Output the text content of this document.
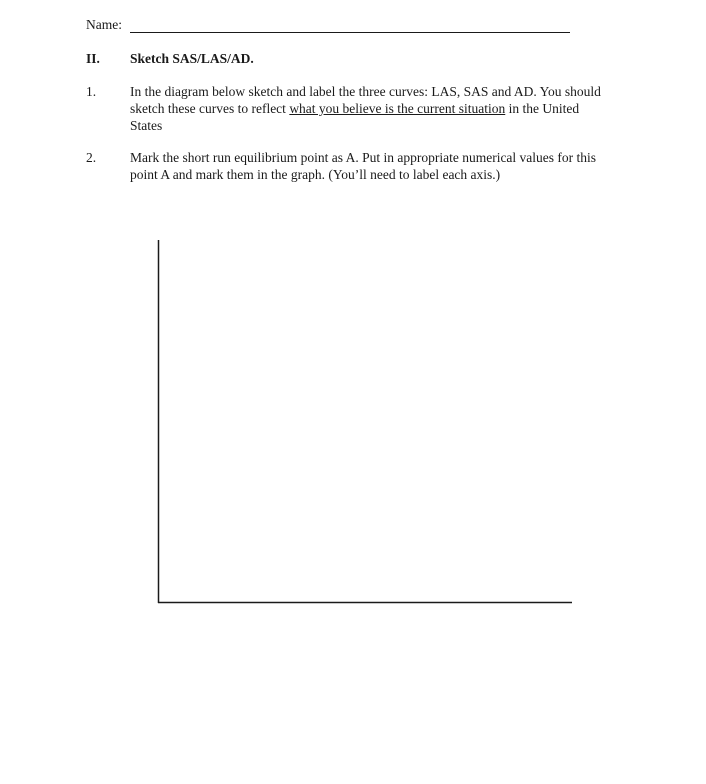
Name:
II. Sketch SAS/LAS/AD.
1.	In the diagram below sketch and label the three curves: LAS, SAS and AD. You should sketch these curves to reflect what you believe is the current situation in the United States
2.	Mark the short run equilibrium point as A. Put in appropriate numerical values for this point A and mark them in the graph. (You’ll need to label each axis.)
